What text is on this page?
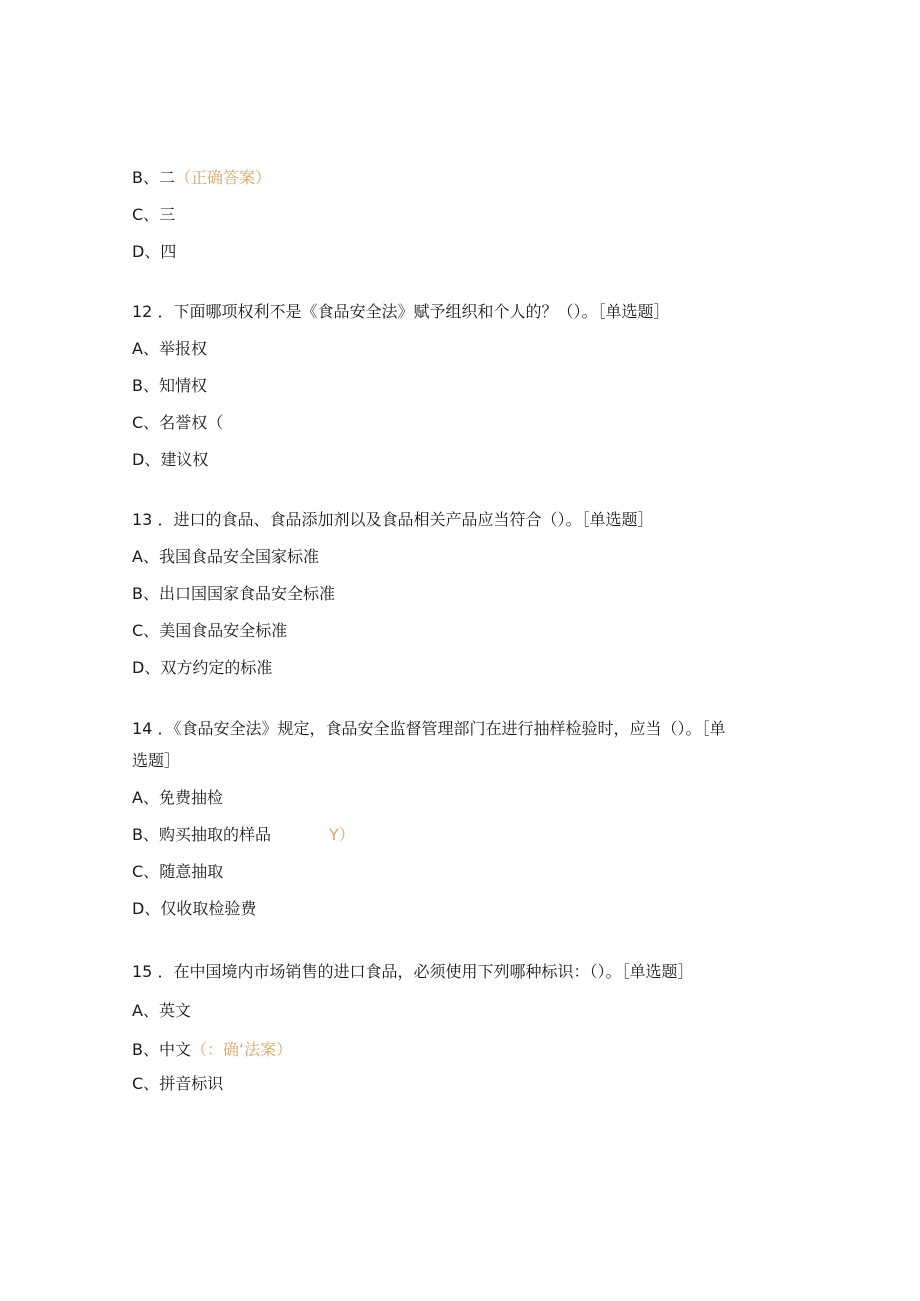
B、二（正确答案）
C、三
D、四
12 ．下面哪项权利不是《食品安全法》赋予组织和个人的？（）。［单选题］
A、举报权
B、知情权
C、名誉权（
D、建议权
13 ．进口的食品、食品添加剂以及食品相关产品应当符合（）。［单选题］
A、我国食品安全国家标准
B、出口国国家食品安全标准
C、美国食品安全标准
D、双方约定的标准
14 ．《食品安全法》规定，食品安全监督管理部门在进行抽样检验时，应当（）。［单
选题］
A、免费抽检
B、购买抽取的样品	Y）
C、随意抽取
D、仅收取检验费
15 ．在中国境内市场销售的进口食品，必须使用下列哪种标识：（）。［单选题］
A、英文
B、中文（：确‘法案）
C、拼音标识
